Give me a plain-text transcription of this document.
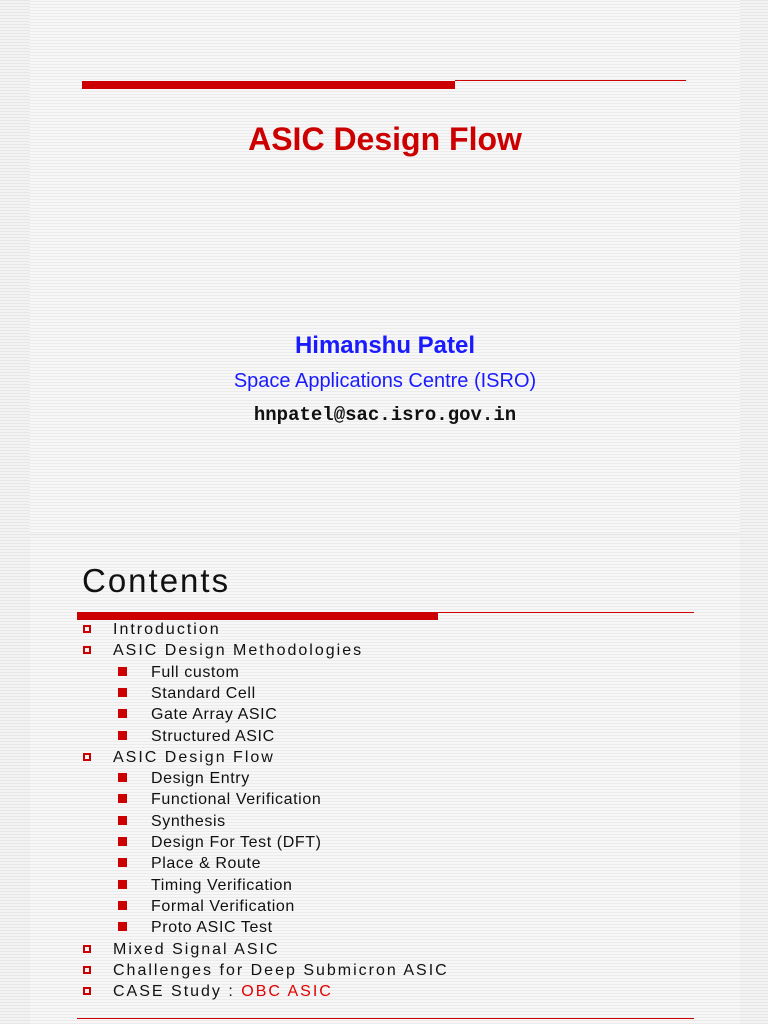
ASIC Design Flow
Himanshu Patel
Space Applications Centre (ISRO)
hnpatel@sac.isro.gov.in
Contents
Introduction
ASIC Design Methodologies
Full custom
Standard Cell
Gate Array ASIC
Structured ASIC
ASIC Design Flow
Design Entry
Functional Verification
Synthesis
Design For Test (DFT)
Place & Route
Timing Verification
Formal Verification
Proto ASIC Test
Mixed Signal ASIC
Challenges for Deep Submicron ASIC
CASE Study : OBC ASIC
